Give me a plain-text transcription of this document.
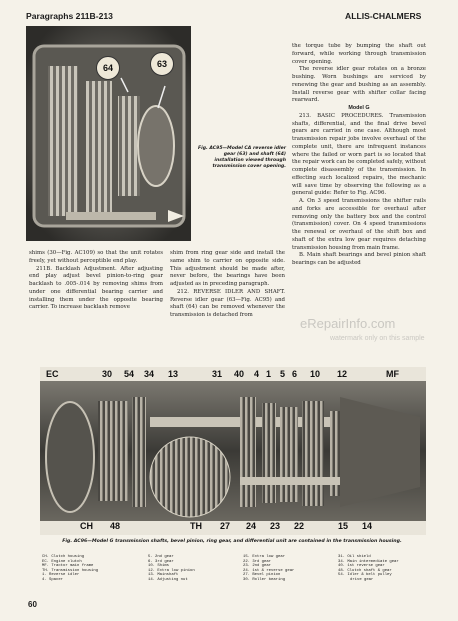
Paragraphs 211B-213	ALLIS-CHALMERS
64	63
Fig. AC95—Model CA reverse idler gear (63) and shaft (64) installation viewed through transmission cover opening.

shims (30—Fig. AC109) so that the unit rotates freely, yet without perceptible end play.

211B. Backlash Adjustment. After adjusting end play adjust bevel pinion-to-ring gear backlash to .005-.014 by removing shims from under one differential bearing carrier and installing them under the opposite bearing carrier. To increase backlash remove

shim from ring gear side and install the same shim to carrier on opposite side. This adjustment should be made after, never before, the bearings have been adjusted as in preceding paragraph.

212. REVERSE IDLER AND SHAFT. Reverse idler gear (63—Fig. AC95) and shaft (64) can be removed whenever the transmission is detached from

the torque tube by bumping the shaft out forward, while working through transmission cover opening.

The reverse idler gear rotates on a bronze bushing. Worn bushings are serviced by renewing the gear and bushing as an assembly. Install reverse gear with shifter collar facing rearward.

Model G

213. BASIC PROCEDURES. Transmission shafts, differential, and the final drive bevel gears are carried in one case. Although most transmission repair jobs involve overhaul of the complete unit, there are infrequent instances where the failed or worn part is so located that the repair work can be completed safely, without complete disassembly of the transmission. In effecting such localized repairs, the mechanic will save time by observing the following as a general guide: Refer to Fig. AC96.

A. On 3 speed transmissions the shifter rails and forks are accessible for overhaul after removing only the battery box and the control (transmission) cover. On 4 speed transmissions the renewal or overhaul of the shift box and shaft of the extra low gear requires detaching transmission housing from main frame.

B. Main shaft bearings and bevel pinion shaft bearings can be adjusted

eRepairInfo.com
watermark only on this sample
EC	30 54 34 13	31 40 4 1 5 6 10 12	MF
CH 48	TH 27 24 23 22	15 14
Fig. AC96—Model G transmission shafts, bevel pinion, ring gear, and differential unit are contained in the transmission housing.
CH. Clutch housing
EC. Engine clutch
MF. Tractor main frame
TH. Transmission housing
1. Reverse idler
4. Spacer
5. 2nd gear
6. 3rd gear
10. Shims
12. Extra low pinion
13. Mainshaft
14. Adjusting nut
15. Extra low gear
22. 3rd gear
23. 2nd gear
24. 1st & reverse gear
27. Bevel pinion
30. Roller bearing
31. Oil shield
34. Main intermediate gear
40. 1st reverse gear
48. Clutch shaft & gear
54. Idler & belt pulley
drive gear
60
